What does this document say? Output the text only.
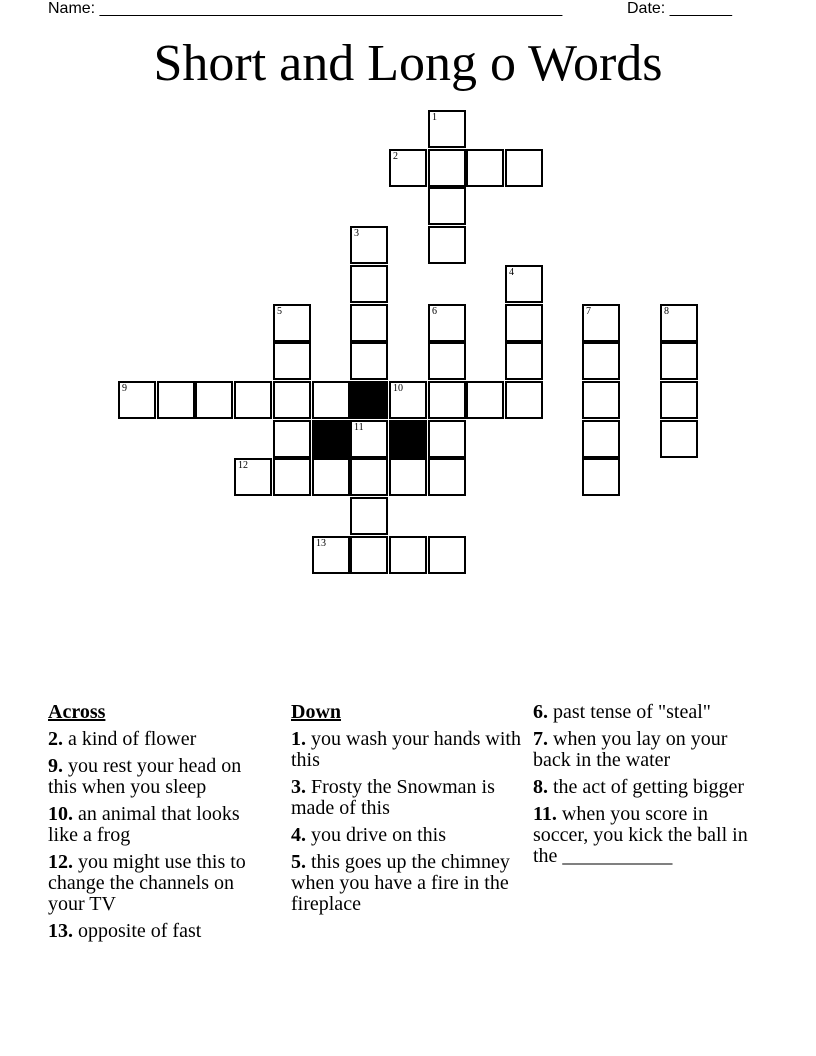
Name: ____________________________________________________	Date: _______
Short and Long o Words
1
2
3
4
5	6	7	8
9	10
11
12
13
Across
2. a kind of flower
9. you rest your head on this when you sleep
10. an animal that looks like a frog
12. you might use this to change the channels on your TV
13. opposite of fast
Down
1. you wash your hands with this
3. Frosty the Snowman is made of this
4. you drive on this
5. this goes up the chimney when you have a fire in the fireplace
6. past tense of "steal"
7. when you lay on your back in the water
8. the act of getting bigger
11. when you score in soccer, you kick the ball in the ___________
